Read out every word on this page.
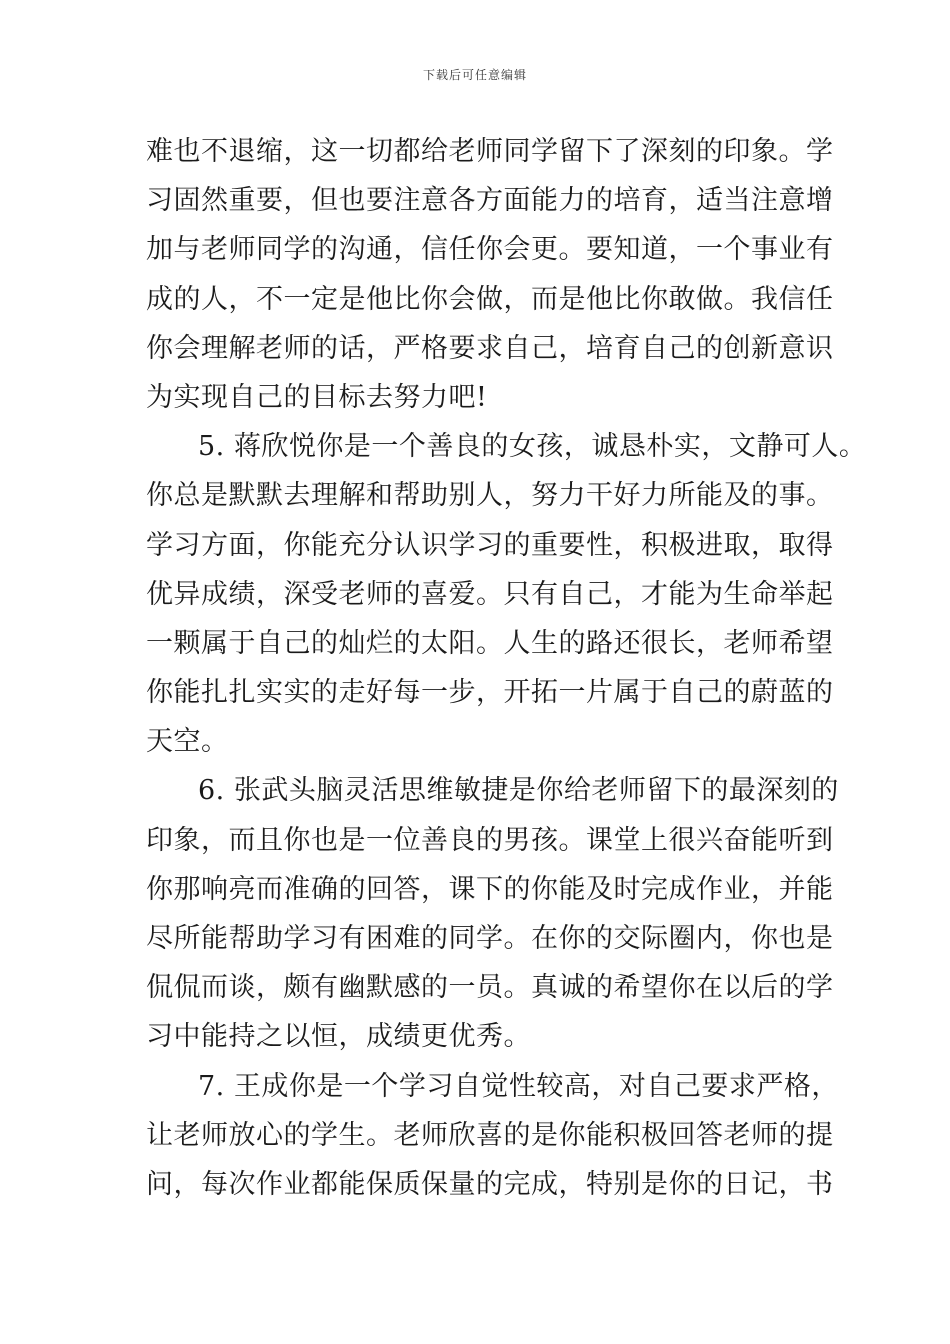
下载后可任意编辑
难也不退缩，这一切都给老师同学留下了深刻的印象。学
习固然重要，但也要注意各方面能力的培育，适当注意增
加与老师同学的沟通，信任你会更。要知道，一个事业有
成的人，不一定是他比你会做，而是他比你敢做。我信任
你会理解老师的话，严格要求自己，培育自己的创新意识
为实现自己的目标去努力吧!
5. 蒋欣悦你是一个善良的女孩，诚恳朴实，文静可人。
你总是默默去理解和帮助别人，努力干好力所能及的事。
学习方面，你能充分认识学习的重要性，积极进取，取得
优异成绩，深受老师的喜爱。只有自己，才能为生命举起
一颗属于自己的灿烂的太阳。人生的路还很长，老师希望
你能扎扎实实的走好每一步，开拓一片属于自己的蔚蓝的
天空。
6. 张武头脑灵活思维敏捷是你给老师留下的最深刻的
印象，而且你也是一位善良的男孩。课堂上很兴奋能听到
你那响亮而准确的回答，课下的你能及时完成作业，并能
尽所能帮助学习有困难的同学。在你的交际圈内，你也是
侃侃而谈，颇有幽默感的一员。真诚的希望你在以后的学
习中能持之以恒，成绩更优秀。
7. 王成你是一个学习自觉性较高，对自己要求严格，
让老师放心的学生。老师欣喜的是你能积极回答老师的提
问，每次作业都能保质保量的完成，特别是你的日记，书
